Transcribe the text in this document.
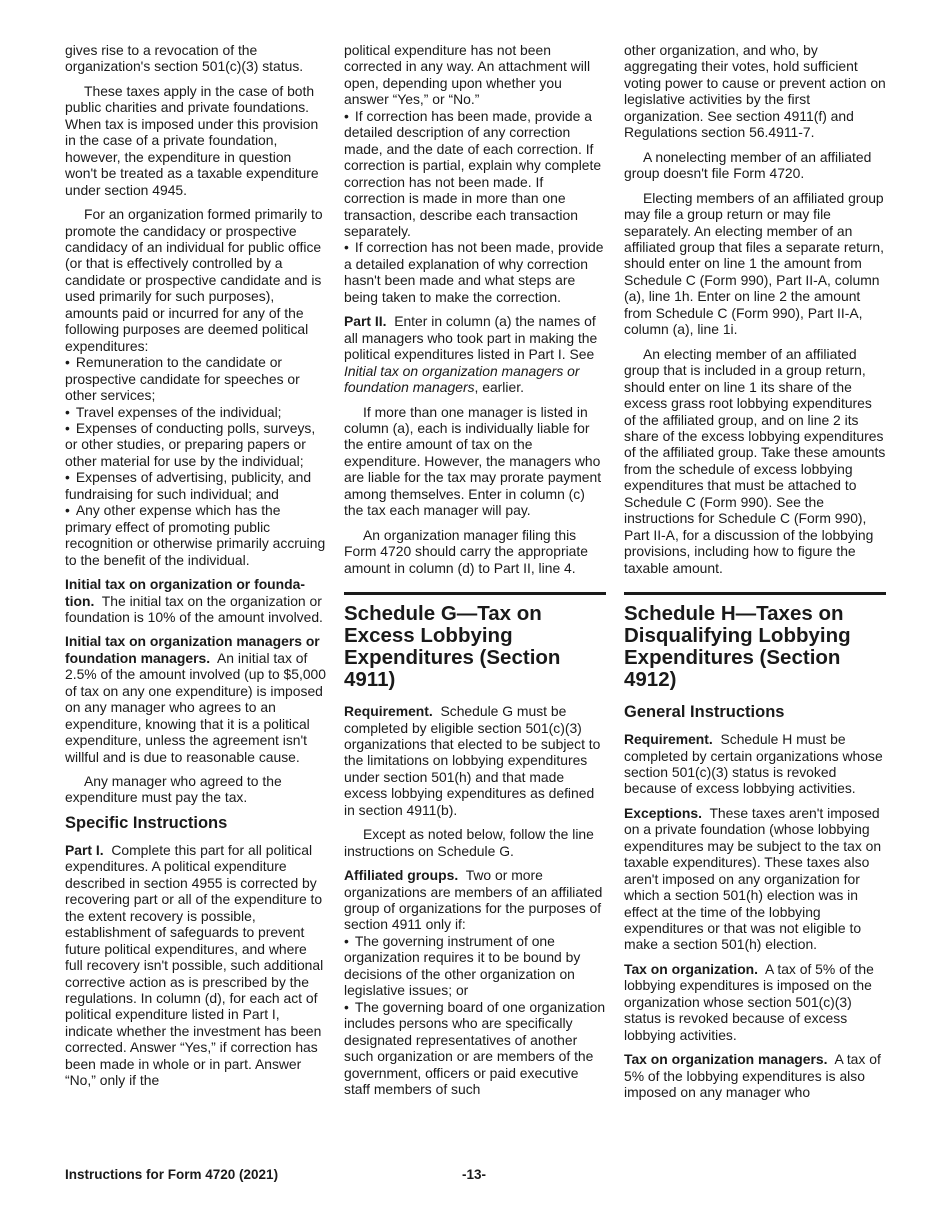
gives rise to a revocation of the organization's section 501(c)(3) status.

These taxes apply in the case of both public charities and private foundations. When tax is imposed under this provision in the case of a private foundation, however, the expenditure in question won't be treated as a taxable expenditure under section 4945.

For an organization formed primarily to promote the candidacy or prospective candidacy of an individual for public office (or that is effectively controlled by a candidate or prospective candidate and is used primarily for such purposes), amounts paid or incurred for any of the following purposes are deemed political expenditures:

• Remuneration to the candidate or prospective candidate for speeches or other services;
• Travel expenses of the individual;
• Expenses of conducting polls, surveys, or other studies, or preparing papers or other material for use by the individual;
• Expenses of advertising, publicity, and fundraising for such individual; and
• Any other expense which has the primary effect of promoting public recognition or otherwise primarily accruing to the benefit of the individual.

Initial tax on organization or founda-tion. The initial tax on the organization or foundation is 10% of the amount involved.

Initial tax on organization managers or foundation managers. An initial tax of 2.5% of the amount involved (up to $5,000 of tax on any one expenditure) is imposed on any manager who agrees to an expenditure, knowing that it is a political expenditure, unless the agreement isn't willful and is due to reasonable cause.

Any manager who agreed to the expenditure must pay the tax.

Specific Instructions

Part I. Complete this part for all political expenditures. A political expenditure described in section 4955 is corrected by recovering part or all of the expenditure to the extent recovery is possible, establishment of safeguards to prevent future political expenditures, and where full recovery isn't possible, such additional corrective action as is prescribed by the regulations. In column (d), for each act of political expenditure listed in Part I, indicate whether the investment has been corrected. Answer “Yes,” if correction has been made in whole or in part. Answer “No,” only if the

political expenditure has not been corrected in any way. An attachment will open, depending upon whether you answer “Yes,” or “No.”

• If correction has been made, provide a detailed description of any correction made, and the date of each correction. If correction is partial, explain why complete correction has not been made. If correction is made in more than one transaction, describe each transaction separately.
• If correction has not been made, provide a detailed explanation of why correction hasn't been made and what steps are being taken to make the correction.

Part II. Enter in column (a) the names of all managers who took part in making the political expenditures listed in Part I. See Initial tax on organization managers or foundation managers, earlier.

If more than one manager is listed in column (a), each is individually liable for the entire amount of tax on the expenditure. However, the managers who are liable for the tax may prorate payment among themselves. Enter in column (c) the tax each manager will pay.

An organization manager filing this Form 4720 should carry the appropriate amount in column (d) to Part II, line 4.

Schedule G—Tax on Excess Lobbying Expenditures (Section 4911)

Requirement. Schedule G must be completed by eligible section 501(c)(3) organizations that elected to be subject to the limitations on lobbying expenditures under section 501(h) and that made excess lobbying expenditures as defined in section 4911(b).

Except as noted below, follow the line instructions on Schedule G.

Affiliated groups. Two or more organizations are members of an affiliated group of organizations for the purposes of section 4911 only if:

• The governing instrument of one organization requires it to be bound by decisions of the other organization on legislative issues; or
• The governing board of one organization includes persons who are specifically designated representatives of another such organization or are members of the government, officers or paid executive staff members of such

other organization, and who, by aggregating their votes, hold sufficient voting power to cause or prevent action on legislative activities by the first organization. See section 4911(f) and Regulations section 56.4911-7.

A nonelecting member of an affiliated group doesn't file Form 4720.

Electing members of an affiliated group may file a group return or may file separately. An electing member of an affiliated group that files a separate return, should enter on line 1 the amount from Schedule C (Form 990), Part II-A, column (a), line 1h. Enter on line 2 the amount from Schedule C (Form 990), Part II-A, column (a), line 1i.

An electing member of an affiliated group that is included in a group return, should enter on line 1 its share of the excess grass root lobbying expenditures of the affiliated group, and on line 2 its share of the excess lobbying expenditures of the affiliated group. Take these amounts from the schedule of excess lobbying expenditures that must be attached to Schedule C (Form 990). See the instructions for Schedule C (Form 990), Part II-A, for a discussion of the lobbying provisions, including how to figure the taxable amount.

Schedule H—Taxes on Disqualifying Lobbying Expenditures (Section 4912)
General Instructions

Requirement. Schedule H must be completed by certain organizations whose section 501(c)(3) status is revoked because of excess lobbying activities.

Exceptions. These taxes aren't imposed on a private foundation (whose lobbying expenditures may be subject to the tax on taxable expenditures). These taxes also aren't imposed on any organization for which a section 501(h) election was in effect at the time of the lobbying expenditures or that was not eligible to make a section 501(h) election.

Tax on organization. A tax of 5% of the lobbying expenditures is imposed on the organization whose section 501(c)(3) status is revoked because of excess lobbying activities.

Tax on organization managers. A tax of 5% of the lobbying expenditures is also imposed on any manager who

Instructions for Form 4720 (2021)	-13-
